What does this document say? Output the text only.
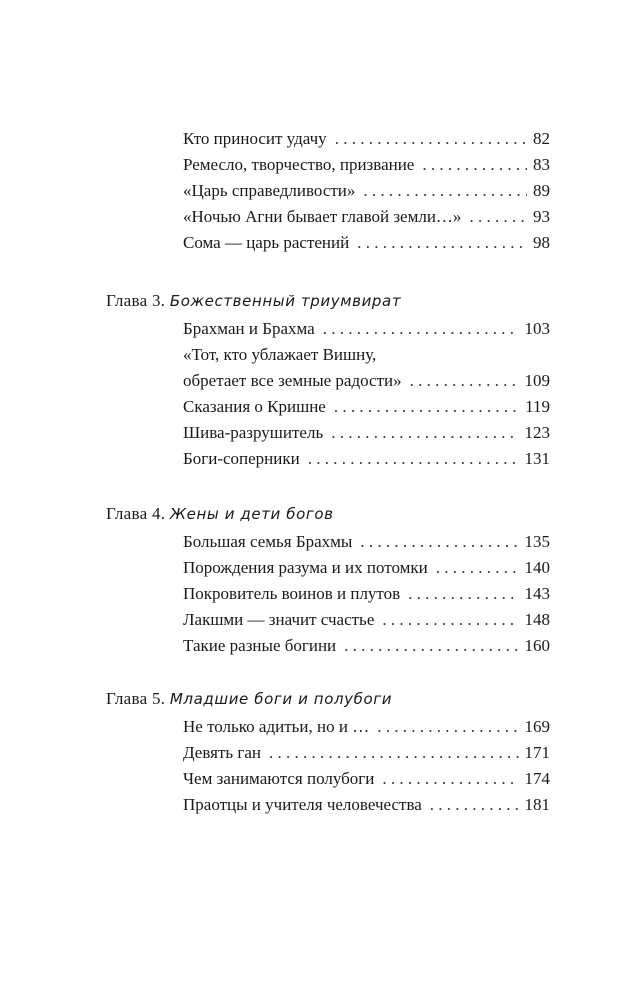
Кто приносит удачу . . .	82
Ремесло, творчество, призвание . . .	83
«Царь справедливости» . . .	89
«Ночью Агни бывает главой земли…» . . .	93
Сома — царь растений . . .	98
Глава 3. Божественный триумвират
Брахман и Брахма . . .	103
«Тот, кто ублажает Вишну,
обретает все земные радости» . . .	109
Сказания о Кришне . . .	119
Шива-разрушитель . . .	123
Боги-соперники . . .	131
Глава 4. Жены и дети богов
Большая семья Брахмы . . .	135
Порождения разума и их потомки . . .	140
Покровитель воинов и плутов . . .	143
Лакшми — значит счастье . . .	148
Такие разные богини . . .	160
Глава 5. Младшие боги и полубоги
Не только адитьи, но и … . . .	169
Девять ган . . .	171
Чем занимаются полубоги . . .	174
Праотцы и учителя человечества . . .	181
